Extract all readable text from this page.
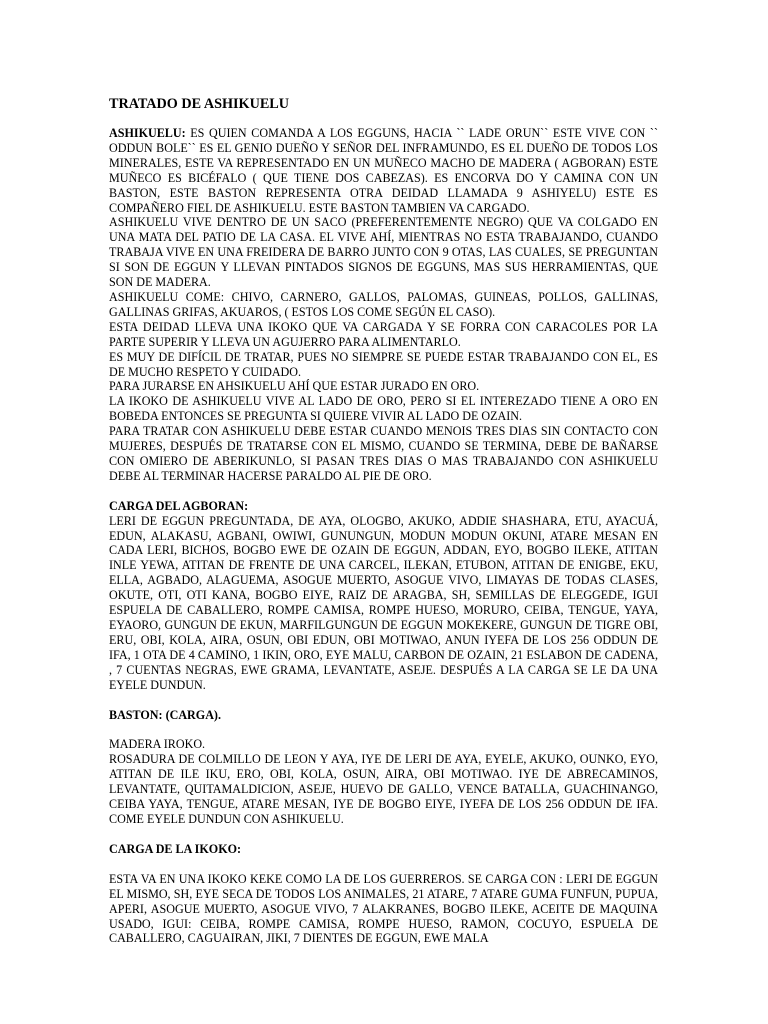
TRATADO DE ASHIKUELU

ASHIKUELU: ES QUIEN COMANDA A LOS EGGUNS, HACIA `` LADE ORUN`` ESTE VIVE CON `` ODDUN BOLE`` ES EL GENIO DUEÑO Y SEÑOR DEL INFRAMUNDO, ES EL DUEÑO DE TODOS LOS MINERALES, ESTE VA REPRESENTADO EN UN MUÑECO MACHO DE MADERA ( AGBORAN) ESTE MUÑECO ES BICÉFALO ( QUE TIENE DOS CABEZAS). ES ENCORVA DO Y CAMINA CON UN BASTON, ESTE BASTON REPRESENTA OTRA DEIDAD LLAMADA 9 ASHIYELU) ESTE ES COMPAÑERO FIEL DE ASHIKUELU. ESTE BASTON TAMBIEN VA CARGADO.

ASHIKUELU VIVE DENTRO DE UN SACO (PREFERENTEMENTE NEGRO) QUE VA COLGADO EN UNA MATA DEL PATIO DE LA CASA. EL VIVE AHÍ, MIENTRAS NO ESTA TRABAJANDO, CUANDO TRABAJA VIVE EN UNA FREIDERA DE BARRO JUNTO CON 9 OTAS, LAS CUALES, SE PREGUNTAN SI SON DE EGGUN Y LLEVAN PINTADOS SIGNOS DE EGGUNS, MAS SUS HERRAMIENTAS, QUE SON DE MADERA.

ASHIKUELU COME: CHIVO, CARNERO, GALLOS, PALOMAS, GUINEAS, POLLOS, GALLINAS, GALLINAS GRIFAS, AKUAROS, ( ESTOS LOS COME SEGÚN EL CASO).

ESTA DEIDAD LLEVA UNA IKOKO QUE VA CARGADA Y SE FORRA CON CARACOLES POR LA PARTE SUPERIR Y LLEVA UN AGUJERRO PARA ALIMENTARLO.

ES MUY DE DIFÍCIL DE TRATAR, PUES NO SIEMPRE SE PUEDE ESTAR TRABAJANDO CON EL, ES DE MUCHO RESPETO Y CUIDADO.

PARA JURARSE EN AHSIKUELU AHÍ QUE ESTAR JURADO EN ORO.

LA IKOKO DE ASHIKUELU VIVE AL LADO DE ORO, PERO SI EL INTEREZADO TIENE A ORO EN BOBEDA ENTONCES SE PREGUNTA SI QUIERE VIVIR AL LADO DE OZAIN.

PARA TRATAR CON ASHIKUELU DEBE ESTAR CUANDO MENOIS TRES DIAS SIN CONTACTO CON MUJERES, DESPUÉS DE TRATARSE CON EL MISMO, CUANDO SE TERMINA, DEBE DE BAÑARSE CON OMIERO DE ABERIKUNLO, SI PASAN TRES DIAS O MAS TRABAJANDO CON ASHIKUELU DEBE AL TERMINAR HACERSE PARALDO AL PIE DE ORO.

CARGA DEL AGBORAN:

LERI DE EGGUN PREGUNTADA, DE AYA, OLOGBO, AKUKO, ADDIE SHASHARA, ETU, AYACUÁ, EDUN, ALAKASU, AGBANI, OWIWI, GUNUNGUN, MODUN MODUN OKUNI, ATARE MESAN EN CADA LERI, BICHOS, BOGBO EWE DE OZAIN DE EGGUN, ADDAN, EYO, BOGBO ILEKE, ATITAN INLE YEWA, ATITAN DE FRENTE DE UNA CARCEL, ILEKAN, ETUBON, ATITAN DE ENIGBE, EKU, ELLA, AGBADO, ALAGUEMA, ASOGUE MUERTO, ASOGUE VIVO, LIMAYAS DE TODAS CLASES, OKUTE, OTI, OTI KANA, BOGBO EIYE, RAIZ DE ARAGBA, SH, SEMILLAS DE ELEGGEDE, IGUI ESPUELA DE CABALLERO, ROMPE CAMISA, ROMPE HUESO, MORURO, CEIBA, TENGUE, YAYA, EYAORO, GUNGUN DE EKUN, MARFILGUNGUN DE EGGUN MOKEKERE, GUNGUN DE TIGRE OBI, ERU, OBI, KOLA, AIRA, OSUN, OBI EDUN, OBI MOTIWAO, ANUN IYEFA DE LOS 256 ODDUN DE IFA, 1 OTA DE 4 CAMINO, 1 IKIN, ORO, EYE MALU, CARBON DE OZAIN, 21 ESLABON DE CADENA, , 7 CUENTAS NEGRAS, EWE GRAMA, LEVANTATE, ASEJE. DESPUÉS A LA CARGA SE LE DA UNA EYELE DUNDUN.

BASTON: (CARGA).

MADERA IROKO.

ROSADURA DE COLMILLO DE LEON Y AYA, IYE DE LERI DE AYA, EYELE, AKUKO, OUNKO, EYO, ATITAN DE ILE IKU, ERO, OBI, KOLA, OSUN, AIRA, OBI MOTIWAO. IYE DE ABRECAMINOS, LEVANTATE, QUITAMALDICION, ASEJE, HUEVO DE GALLO, VENCE BATALLA, GUACHINANGO, CEIBA YAYA, TENGUE, ATARE MESAN, IYE DE BOGBO EIYE, IYEFA DE LOS 256 ODDUN DE IFA. COME EYELE DUNDUN CON ASHIKUELU.

CARGA DE LA IKOKO:

ESTA VA EN UNA IKOKO KEKE COMO LA DE LOS GUERREROS. SE CARGA CON : LERI DE EGGUN EL MISMO, SH, EYE SECA DE TODOS LOS ANIMALES, 21 ATARE, 7 ATARE GUMA FUNFUN, PUPUA, APERI, ASOGUE MUERTO, ASOGUE VIVO, 7 ALAKRANES, BOGBO ILEKE, ACEITE DE MAQUINA USADO, IGUI: CEIBA, ROMPE CAMISA, ROMPE HUESO, RAMON, COCUYO, ESPUELA DE CABALLERO, CAGUAIRAN, JIKI, 7 DIENTES DE EGGUN, EWE MALA
